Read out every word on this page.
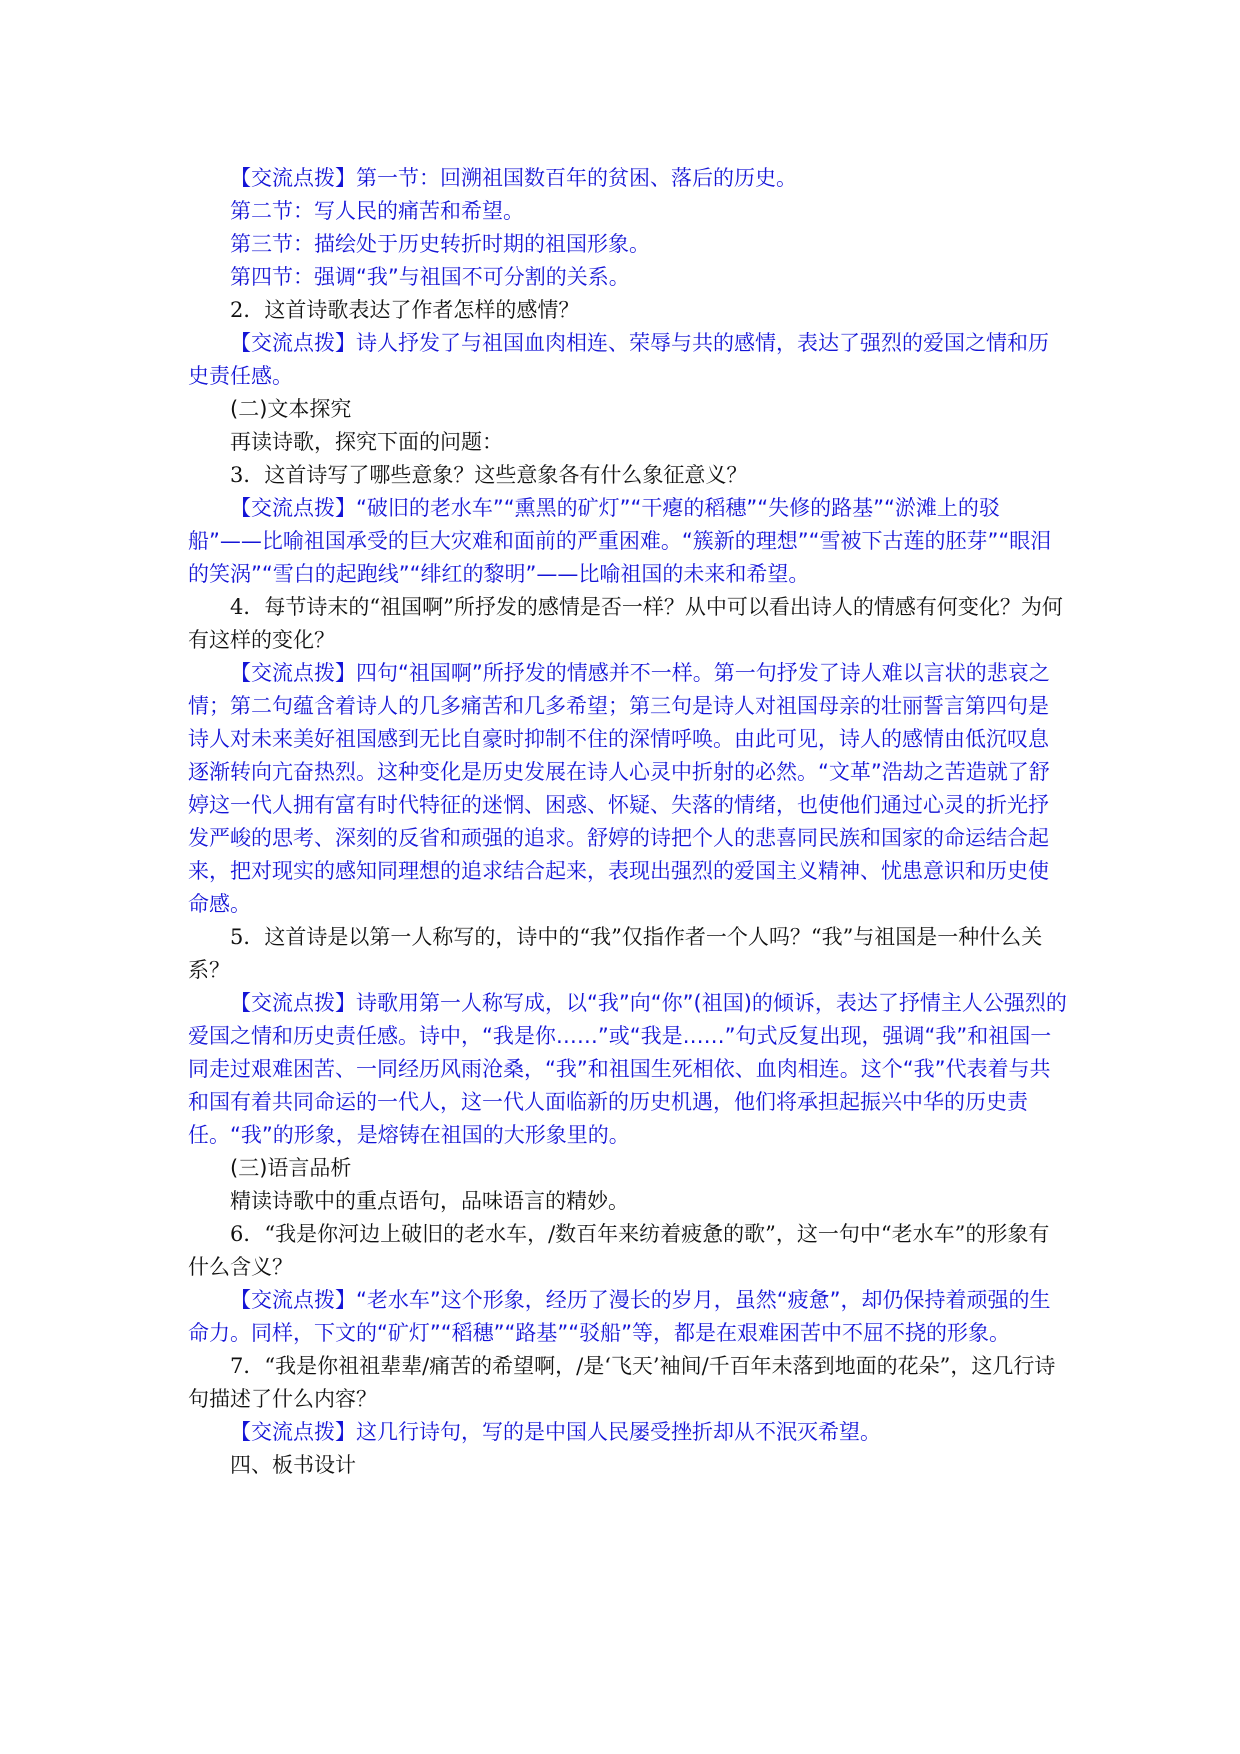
【交流点拨】第一节：回溯祖国数百年的贫困、落后的历史。

第二节：写人民的痛苦和希望。

第三节：描绘处于历史转折时期的祖国形象。

第四节：强调“我”与祖国不可分割的关系。

2．这首诗歌表达了作者怎样的感情？

【交流点拨】诗人抒发了与祖国血肉相连、荣辱与共的感情，表达了强烈的爱国之情和历史责任感。

(二)文本探究

再读诗歌，探究下面的问题：

3．这首诗写了哪些意象？这些意象各有什么象征意义？

【交流点拨】“破旧的老水车”“熏黑的矿灯”“干瘪的稻穗”“失修的路基”“淤滩上的驳船”——比喻祖国承受的巨大灾难和面前的严重困难。“簇新的理想”“雪被下古莲的胚芽”“眼泪的笑涡”“雪白的起跑线”“绯红的黎明”——比喻祖国的未来和希望。

4．每节诗末的“祖国啊”所抒发的感情是否一样？从中可以看出诗人的情感有何变化？为何有这样的变化？

【交流点拨】四句“祖国啊”所抒发的情感并不一样。第一句抒发了诗人难以言状的悲哀之情；第二句蕴含着诗人的几多痛苦和几多希望；第三句是诗人对祖国母亲的壮丽誓言第四句是诗人对未来美好祖国感到无比自豪时抑制不住的深情呼唤。由此可见，诗人的感情由低沉叹息逐渐转向亢奋热烈。这种变化是历史发展在诗人心灵中折射的必然。“文革”浩劫之苦造就了舒婷这一代人拥有富有时代特征的迷惘、困惑、怀疑、失落的情绪，也使他们通过心灵的折光抒发严峻的思考、深刻的反省和顽强的追求。舒婷的诗把个人的悲喜同民族和国家的命运结合起来，把对现实的感知同理想的追求结合起来，表现出强烈的爱国主义精神、忧患意识和历史使命感。

5．这首诗是以第一人称写的，诗中的“我”仅指作者一个人吗？“我”与祖国是一种什么关系？

【交流点拨】诗歌用第一人称写成，以“我”向“你”(祖国)的倾诉，表达了抒情主人公强烈的爱国之情和历史责任感。诗中，“我是你……”或“我是……”句式反复出现，强调“我”和祖国一同走过艰难困苦、一同经历风雨沧桑，“我”和祖国生死相依、血肉相连。这个“我”代表着与共和国有着共同命运的一代人，这一代人面临新的历史机遇，他们将承担起振兴中华的历史责任。“我”的形象，是熔铸在祖国的大形象里的。

(三)语言品析

精读诗歌中的重点语句，品味语言的精妙。

6．“我是你河边上破旧的老水车，/数百年来纺着疲惫的歌”，这一句中“老水车”的形象有什么含义？

【交流点拨】“老水车”这个形象，经历了漫长的岁月，虽然“疲惫”，却仍保持着顽强的生命力。同样，下文的“矿灯”“稻穗”“路基”“驳船”等，都是在艰难困苦中不屈不挠的形象。

7．“我是你祖祖辈辈/痛苦的希望啊，/是‘飞天’袖间/千百年未落到地面的花朵”，这几行诗句描述了什么内容？

【交流点拨】这几行诗句，写的是中国人民屡受挫折却从不泯灭希望。

四、板书设计
